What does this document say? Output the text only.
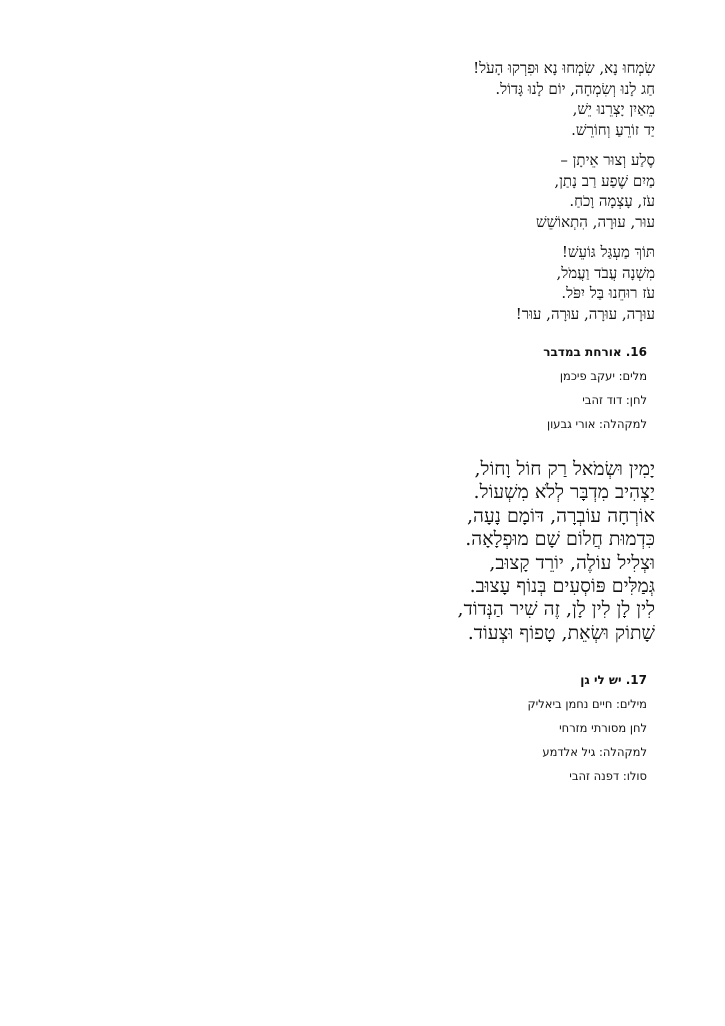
שִׂמְחוּ נָא, שִׂמְחוּ נָא וּפִרְקוּ הָעֹל!
חַג לָנוּ וְשִׂמְחָה, יוֹם לָנוּ גָּדוֹל.
מֵאַיִן יָצְרֵנוּ יֵשׁ,
יַד זוֹרֵעַ וְחוֹרֵשׁ.
סֶלַע וְצוּר אֵיתָן –
מַיִם שֶׁפַע רַב נָתַן,
עֹז, עָצְמָה וָכֹחַ.
עוּר, עוּרָה, הִתְאוֹשֵׁשׁ
תּוֹךְ מַעְגַּל גּוֹעֵשׁ!
מִשְׁנָה עֲבֹד וַעֲמֹל,
עֹז רוּחֵנוּ בַּל יִפֹּל.
עוּרָה, עוּרָה, עוּרָה, עוּר!
16. אורחת במדבר
מלים: יעקב פיכמן
לחן: דוד זהבי
למקהלה: אורי גבעון
יָמִין וּשְׂמֹאל רַק חוֹל וָחוֹל,
יַצְהִיב מִדְבָּר לְלֹא מִשְׁעוֹל.
אוֹרְחָה עוֹבְרָה, דּוֹמָם נָעָה,
כִּדְמוּת חֲלוֹם שָׁם מוּפְלָאָה.
וּצְלִיל עוֹלֶה, יוֹרֵד קָצוּב,
גְּמַלִּים פּוֹסְעִים בְּנוֹף עָצוּב.
לִין לָן לִין לָן, זֶה שִׁיר הַנְּדוֹד,
שָׁתוֹק וּשְׂאֵת, טָפוֹף וּצְעוֹד.
17. יש לי גן
מילים: חיים נחמן ביאליק
לחן מסורתי מזרחי
למקהלה: גיל אלדמע
סולו: דפנה זהבי
